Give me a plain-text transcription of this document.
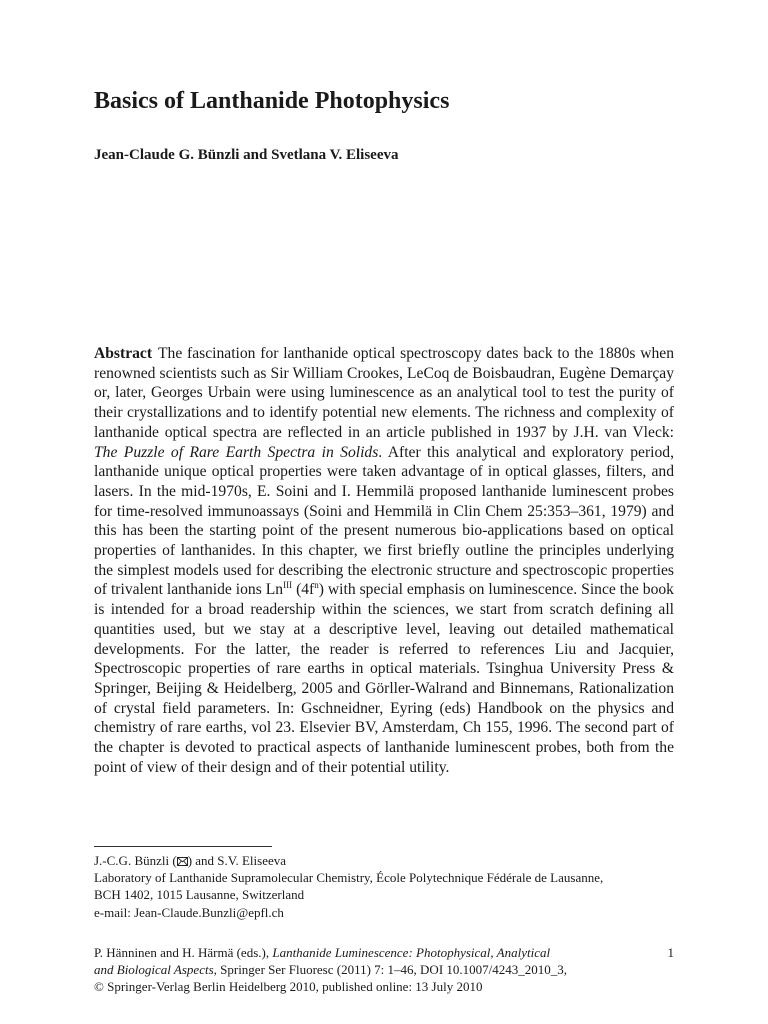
Basics of Lanthanide Photophysics

Jean-Claude G. Bünzli and Svetlana V. Eliseeva

Abstract The fascination for lanthanide optical spectroscopy dates back to the 1880s when renowned scientists such as Sir William Crookes, LeCoq de Boisbaudran, Eugène Demarçay or, later, Georges Urbain were using luminescence as an analytical tool to test the purity of their crystallizations and to identify potential new elements. The richness and complexity of lanthanide optical spectra are reflected in an article published in 1937 by J.H. van Vleck: The Puzzle of Rare Earth Spectra in Solids. After this analytical and exploratory period, lanthanide unique optical properties were taken advantage of in optical glasses, filters, and lasers. In the mid-1970s, E. Soini and I. Hemmilä proposed lanthanide luminescent probes for time-resolved immunoassays (Soini and Hemmilä in Clin Chem 25:353–361, 1979) and this has been the starting point of the present numerous bio-applications based on optical properties of lanthanides. In this chapter, we first briefly outline the principles underlying the simplest models used for describing the electronic structure and spectroscopic properties of trivalent lanthanide ions $Ln^{III}$ $(4f^n)$ with special emphasis on luminescence. Since the book is intended for a broad readership within the sciences, we start from scratch defining all quantities used, but we stay at a descriptive level, leaving out detailed mathematical developments. For the latter, the reader is referred to references Liu and Jacquier, Spectroscopic properties of rare earths in optical materials. Tsinghua University Press & Springer, Beijing & Heidelberg, 2005 and Görller-Walrand and Binnemans, Rationalization of crystal field parameters. In: Gschneidner, Eyring (eds) Handbook on the physics and chemistry of rare earths, vol 23. Elsevier BV, Amsterdam, Ch 155, 1996. The second part of the chapter is devoted to practical aspects of lanthanide luminescent probes, both from the point of view of their design and of their potential utility.

J.-C.G. Bünzli ( ) and S.V. Eliseeva
Laboratory of Lanthanide Supramolecular Chemistry, École Polytechnique Fédérale de Lausanne,
BCH 1402, 1015 Lausanne, Switzerland
e-mail: Jean-Claude.Bunzli@epfl.ch
P. Hänninen and H. Härmä (eds.), Lanthanide Luminescence: Photophysical, Analytical
and Biological Aspects, Springer Ser Fluoresc (2011) 7: 1–46, DOI 10.1007/4243_2010_3,
© Springer-Verlag Berlin Heidelberg 2010, published online: 13 July 2010
1
